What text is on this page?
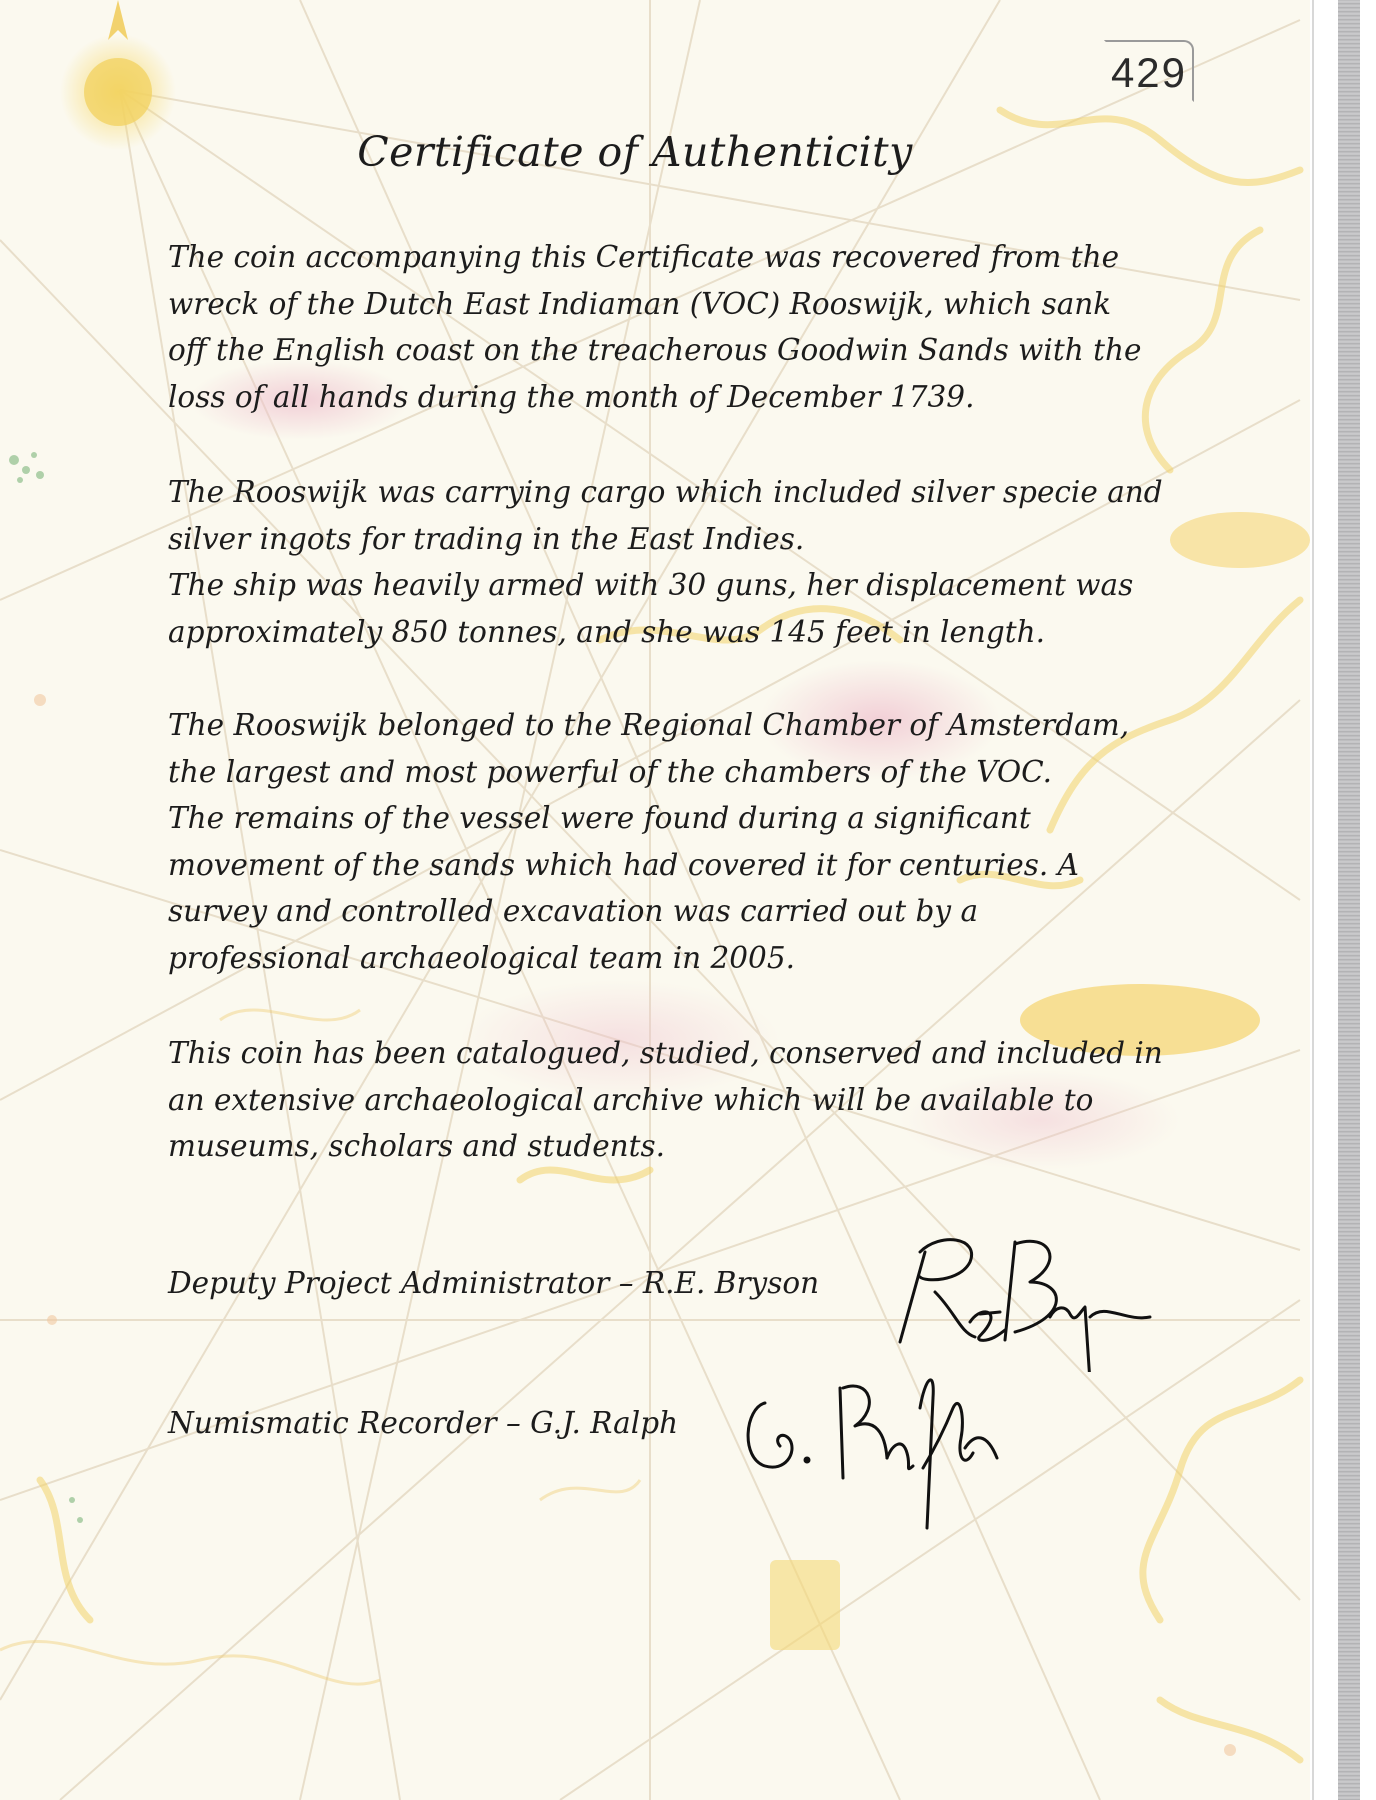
429
Certificate of Authenticity
The coin accompanying this Certificate was recovered from the
wreck of the Dutch East Indiaman (VOC) Rooswijk, which sank
off the English coast on the treacherous Goodwin Sands with the
loss of all hands during the month of December 1739.
The Rooswijk was carrying cargo which included silver specie and
silver ingots for trading in the East Indies.
The ship was heavily armed with 30 guns, her displacement was
approximately 850 tonnes, and she was 145 feet in length.
The Rooswijk belonged to the Regional Chamber of Amsterdam,
the largest and most powerful of the chambers of the VOC.
The remains of the vessel were found during a significant
movement of the sands which had covered it for centuries. A
survey and controlled excavation was carried out by a
professional archaeological team in 2005.
This coin has been catalogued, studied, conserved and included in
an extensive archaeological archive which will be available to
museums, scholars and students.
Deputy Project Administrator – R.E. Bryson
Numismatic Recorder – G.J. Ralph
